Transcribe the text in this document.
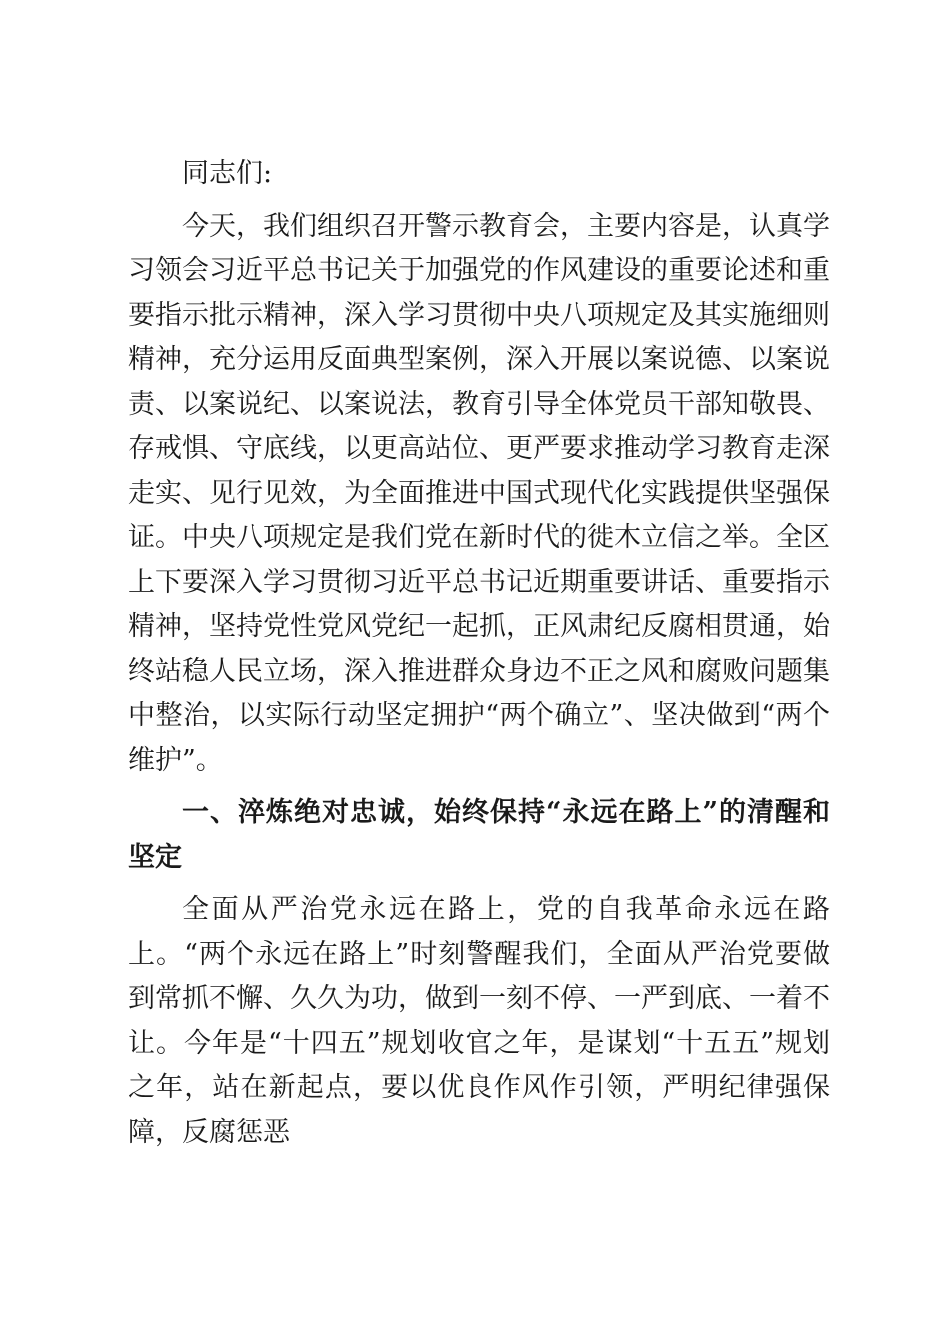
同志们:

今天，我们组织召开警示教育会，主要内容是，认真学习领会习近平总书记关于加强党的作风建设的重要论述和重要指示批示精神，深入学习贯彻中央八项规定及其实施细则精神，充分运用反面典型案例，深入开展以案说德、以案说责、以案说纪、以案说法，教育引导全体党员干部知敬畏、存戒惧、守底线，以更高站位、更严要求推动学习教育走深走实、见行见效，为全面推进中国式现代化实践提供坚强保证。中央八项规定是我们党在新时代的徙木立信之举。全区上下要深入学习贯彻习近平总书记近期重要讲话、重要指示精神，坚持党性党风党纪一起抓，正风肃纪反腐相贯通，始终站稳人民立场，深入推进群众身边不正之风和腐败问题集中整治，以实际行动坚定拥护“两个确立”、坚决做到“两个维护”。

一、淬炼绝对忠诚，始终保持“永远在路上”的清醒和坚定

全面从严治党永远在路上，党的自我革命永远在路上。“两个永远在路上”时刻警醒我们，全面从严治党要做到常抓不懈、久久为功，做到一刻不停、一严到底、一着不让。今年是“十四五”规划收官之年，是谋划“十五五”规划之年，站在新起点，要以优良作风作引领，严明纪律强保障，反腐惩恶
